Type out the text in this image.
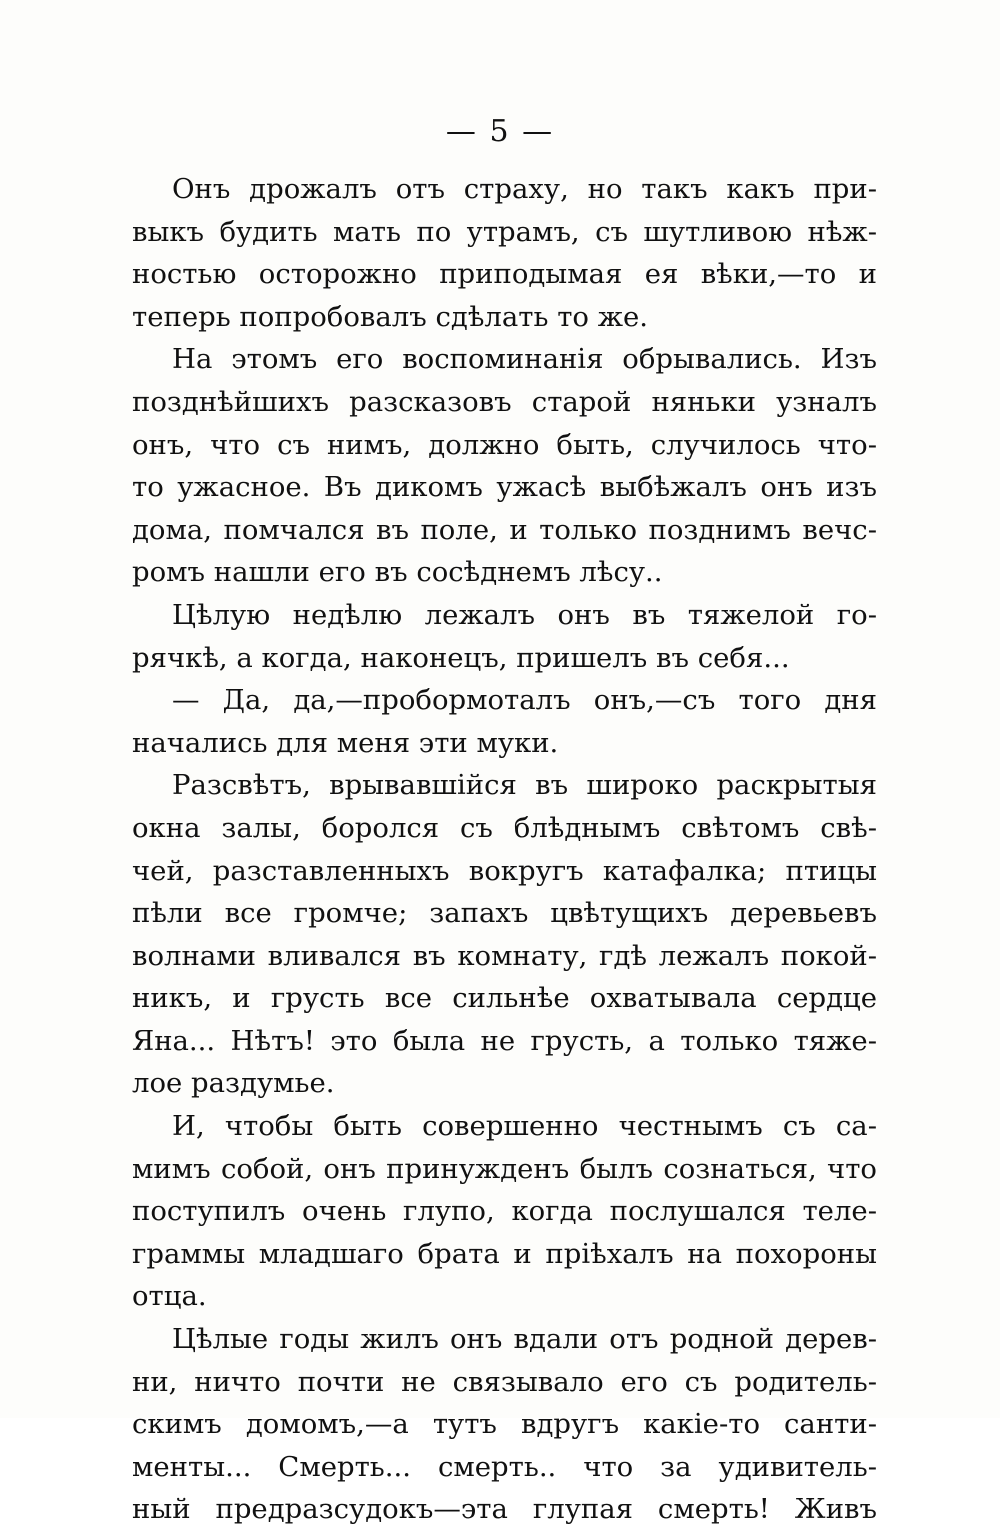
— 5 —
Онъ дрожалъ отъ страху, но такъ какъ при-
выкъ будить мать по утрамъ, съ шутливою нѣж-
ностью осторожно приподымая ея вѣки,—то и
теперь попробовалъ сдѣлать то же.
На этомъ его воспоминанія обрывались. Изъ
позднѣйшихъ разсказовъ старой няньки узналъ
онъ, что съ нимъ, должно быть, случилось что-
то ужасное. Въ дикомъ ужасѣ выбѣжалъ онъ изъ
дома, помчался въ поле, и только позднимъ вечс-
ромъ нашли его въ сосѣднемъ лѣсу..
Цѣлую недѣлю лежалъ онъ въ тяжелой го-
рячкѣ, а когда, наконецъ, пришелъ въ себя...
— Да, да,—пробормоталъ онъ,—съ того дня
начались для меня эти муки.
Разсвѣтъ, врывавшійся въ широко раскрытыя
окна залы, боролся съ блѣднымъ свѣтомъ свѣ-
чей, разставленныхъ вокругъ катафалка; птицы
пѣли все громче; запахъ цвѣтущихъ деревьевъ
волнами вливался въ комнату, гдѣ лежалъ покой-
никъ, и грусть все сильнѣе охватывала сердце
Яна... Нѣтъ! это была не грусть, а только тяже-
лое раздумье.
И, чтобы быть совершенно честнымъ съ са-
мимъ собой, онъ принужденъ былъ сознаться, что
поступилъ очень глупо, когда послушался теле-
граммы младшаго брата и пріѣхалъ на похороны
отца.
Цѣлые годы жилъ онъ вдали отъ родной дерев-
ни, ничто почти не связывало его съ родитель-
скимъ домомъ,—а тутъ вдругъ какіе-то санти-
менты... Смерть... смерть.. что за удивитель-
ный предразсудокъ—эта глупая смерть! Живъ
